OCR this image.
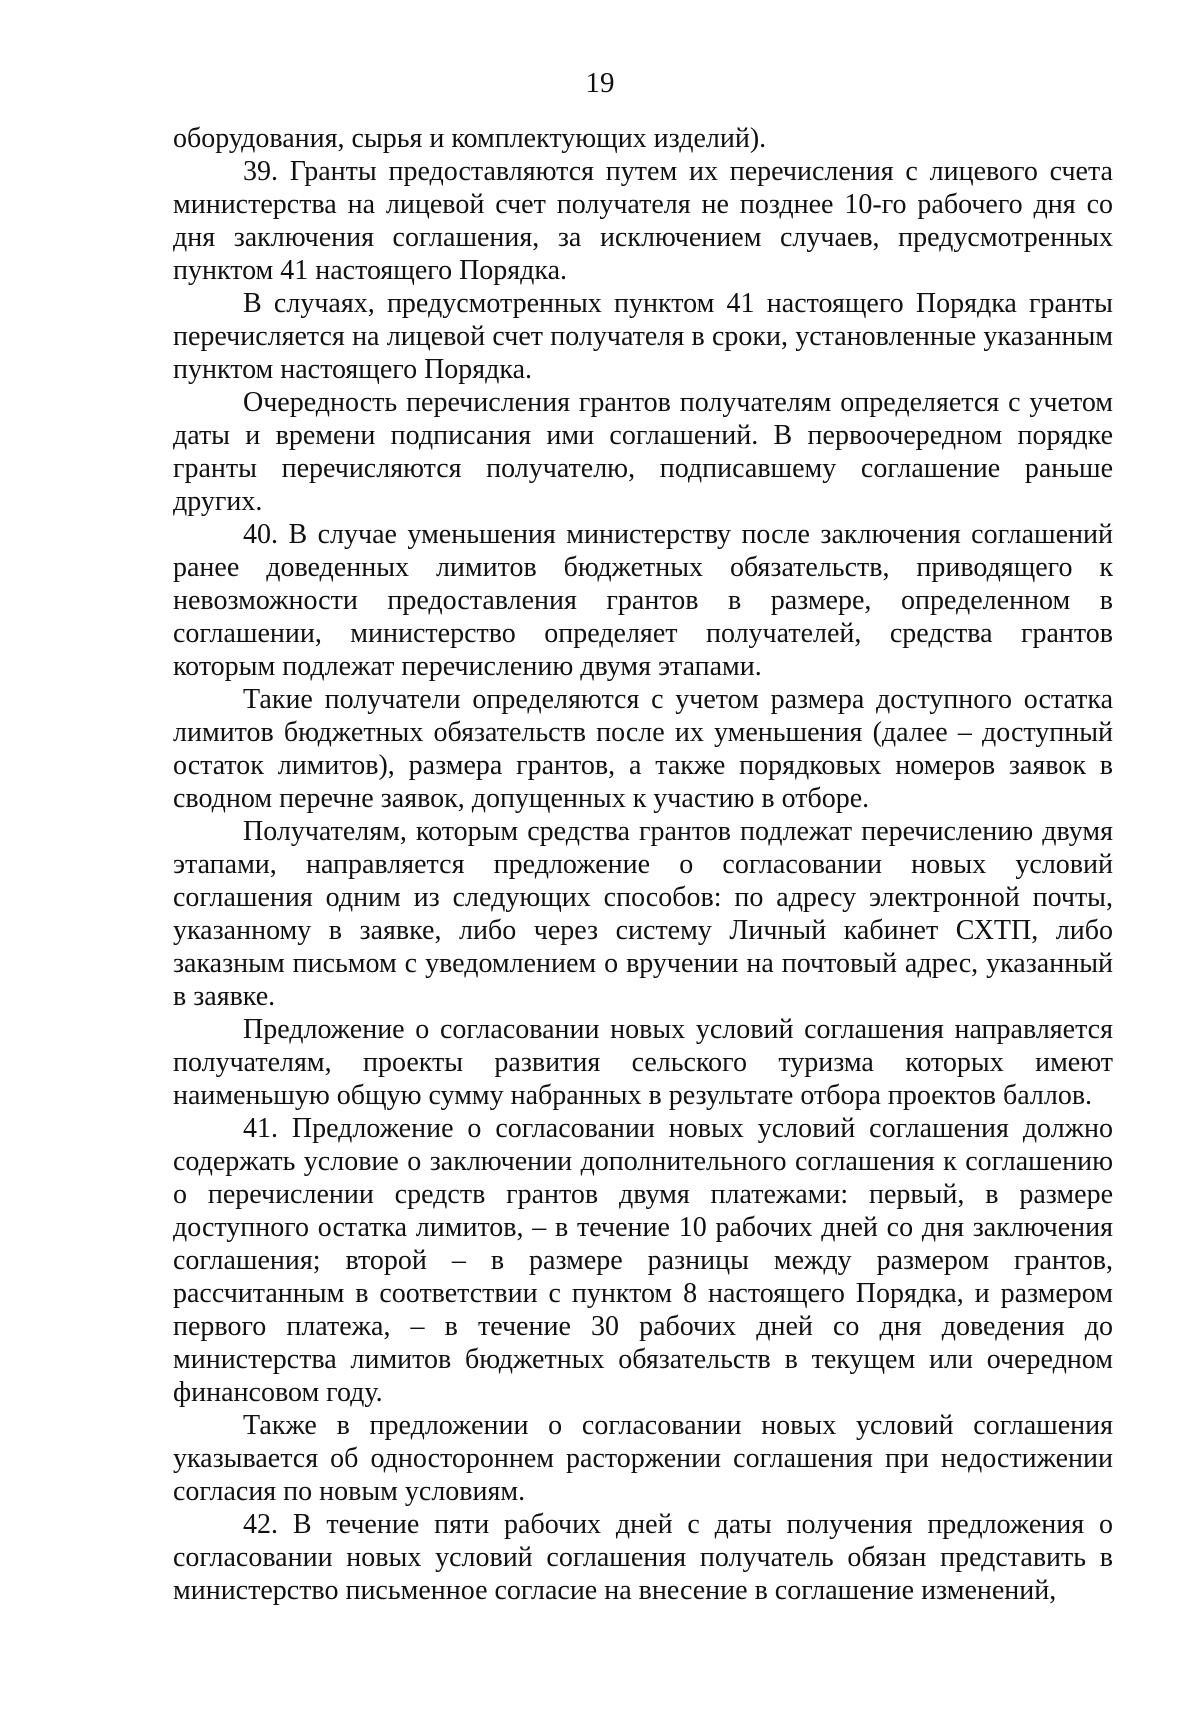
19

оборудования, сырья и комплектующих изделий).

39. Гранты предоставляются путем их перечисления с лицевого счета министерства на лицевой счет получателя не позднее 10-го рабочего дня со дня заключения соглашения, за исключением случаев, предусмотренных пунктом 41 настоящего Порядка.

В случаях, предусмотренных пунктом 41 настоящего Порядка гранты перечисляется на лицевой счет получателя в сроки, установленные указанным пунктом настоящего Порядка.

Очередность перечисления грантов получателям определяется с учетом даты и времени подписания ими соглашений. В первоочередном порядке гранты перечисляются получателю, подписавшему соглашение раньше других.

40. В случае уменьшения министерству после заключения соглашений ранее доведенных лимитов бюджетных обязательств, приводящего к невозможности предоставления грантов в размере, определенном в соглашении, министерство определяет получателей, средства грантов которым подлежат перечислению двумя этапами.

Такие получатели определяются с учетом размера доступного остатка лимитов бюджетных обязательств после их уменьшения (далее – доступный остаток лимитов), размера грантов, а также порядковых номеров заявок в сводном перечне заявок, допущенных к участию в отборе.

Получателям, которым средства грантов подлежат перечислению двумя этапами, направляется предложение о согласовании новых условий соглашения одним из следующих способов: по адресу электронной почты, указанному в заявке, либо через систему Личный кабинет СХТП, либо заказным письмом с уведомлением о вручении на почтовый адрес, указанный в заявке.

Предложение о согласовании новых условий соглашения направляется получателям, проекты развития сельского туризма которых имеют наименьшую общую сумму набранных в результате отбора проектов баллов.

41. Предложение о согласовании новых условий соглашения должно содержать условие о заключении дополнительного соглашения к соглашению о перечислении средств грантов двумя платежами: первый, в размере доступного остатка лимитов, – в течение 10 рабочих дней со дня заключения соглашения; второй – в размере разницы между размером грантов, рассчитанным в соответствии с пунктом 8 настоящего Порядка, и размером первого платежа, – в течение 30 рабочих дней со дня доведения до министерства лимитов бюджетных обязательств в текущем или очередном финансовом году.

Также в предложении о согласовании новых условий соглашения указывается об одностороннем расторжении соглашения при недостижении согласия по новым условиям.

42. В течение пяти рабочих дней с даты получения предложения о согласовании новых условий соглашения получатель обязан представить в министерство письменное согласие на внесение в соглашение изменений,
